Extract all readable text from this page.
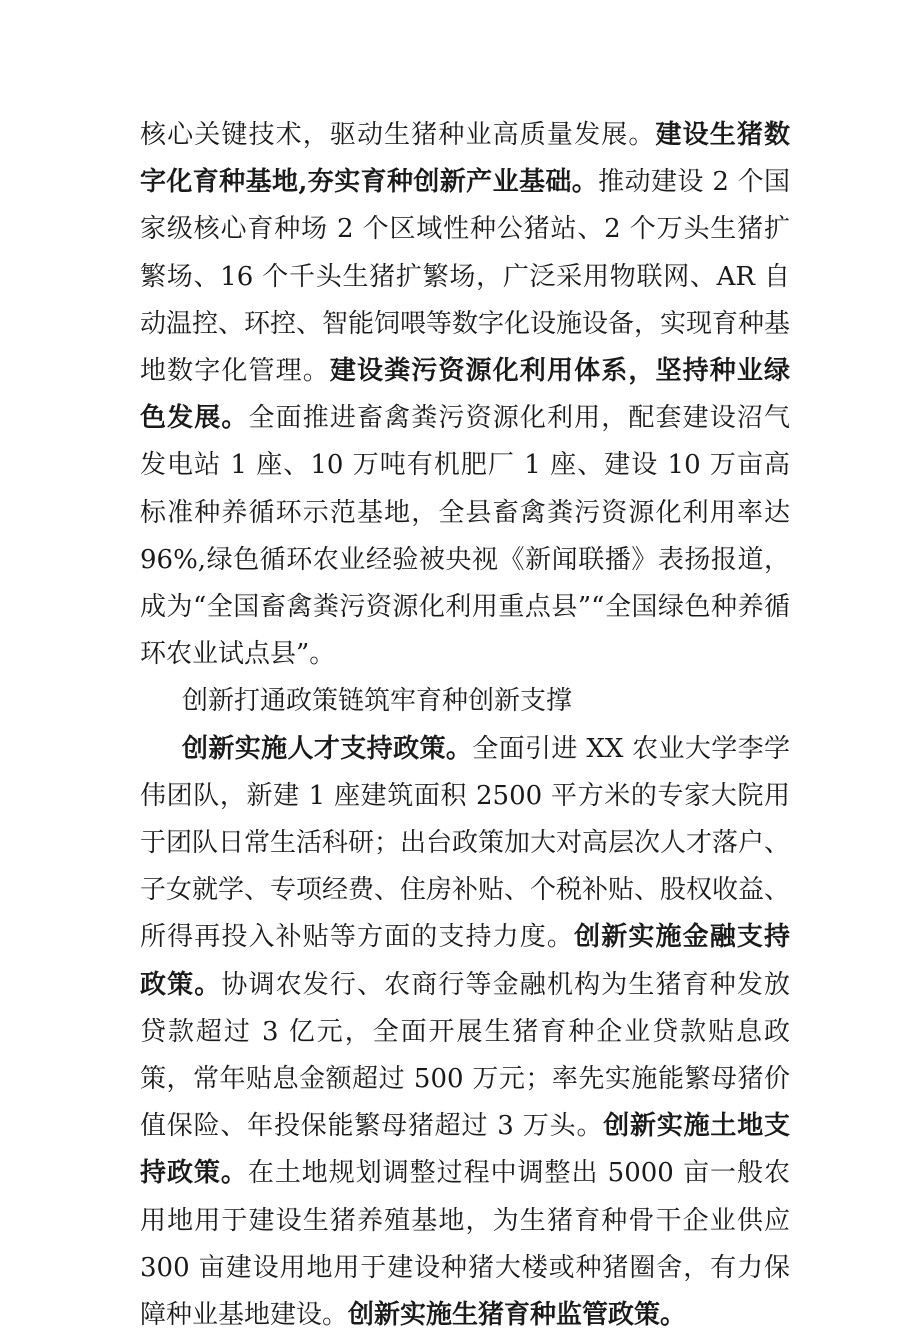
核心关键技术，驱动生猪种业高质量发展。建设生猪数字化育种基地,夯实育种创新产业基础。推动建设 2 个国家级核心育种场 2 个区域性种公猪站、2 个万头生猪扩繁场、16 个千头生猪扩繁场，广泛采用物联网、AR 自动温控、环控、智能饲喂等数字化设施设备，实现育种基地数字化管理。建设粪污资源化利用体系，坚持种业绿色发展。全面推进畜禽粪污资源化利用，配套建设沼气发电站 1 座、10 万吨有机肥厂 1 座、建设 10 万亩高标准种养循环示范基地，全县畜禽粪污资源化利用率达 96%,绿色循环农业经验被央视《新闻联播》表扬报道，成为“全国畜禽粪污资源化利用重点县”“全国绿色种养循环农业试点县”。

创新打通政策链筑牢育种创新支撑

创新实施人才支持政策。全面引进 XX 农业大学李学伟团队，新建 1 座建筑面积 2500 平方米的专家大院用于团队日常生活科研；出台政策加大对高层次人才落户、子女就学、专项经费、住房补贴、个税补贴、股权收益、所得再投入补贴等方面的支持力度。创新实施金融支持政策。协调农发行、农商行等金融机构为生猪育种发放贷款超过 3 亿元，全面开展生猪育种企业贷款贴息政策，常年贴息金额超过 500 万元；率先实施能繁母猪价值保险、年投保能繁母猪超过 3 万头。创新实施土地支持政策。在土地规划调整过程中调整出 5000 亩一般农用地用于建设生猪养殖基地，为生猪育种骨干企业供应 300 亩建设用地用于建设种猪大楼或种猪圈舍，有力保障种业基地建设。创新实施生猪育种监管政策。
